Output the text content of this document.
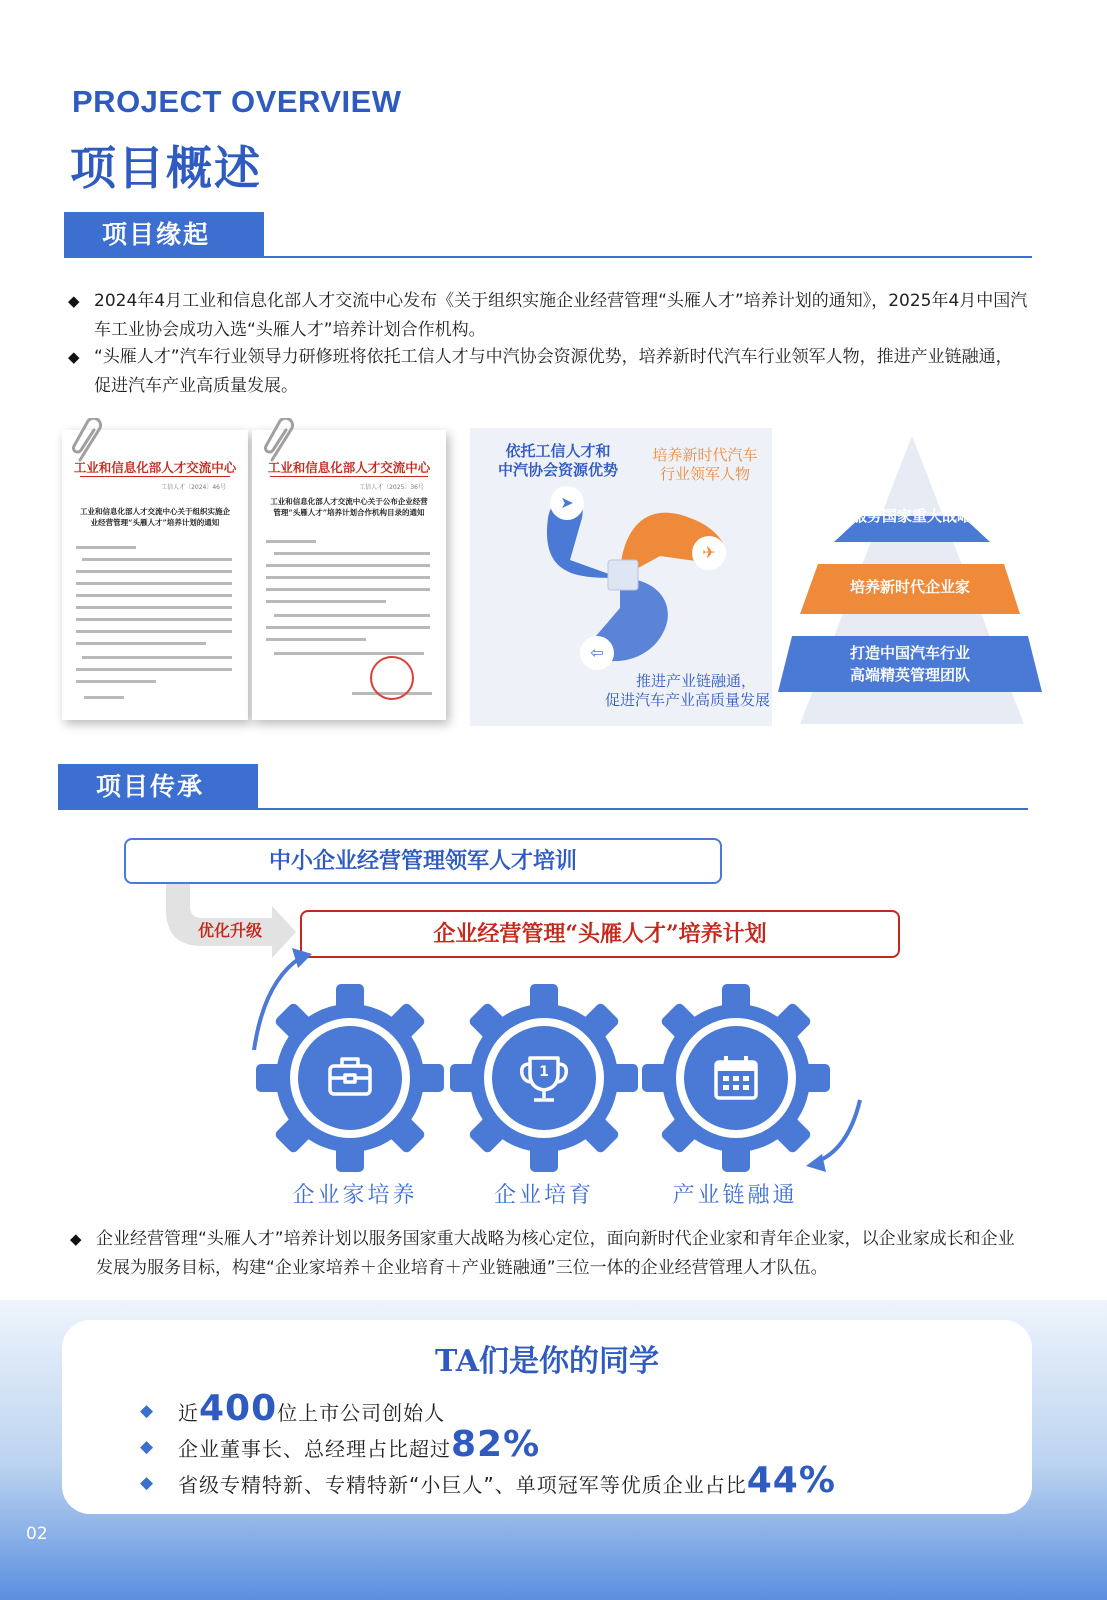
PROJECT OVERVIEW
项目概述
项目缘起
◆ 2024年4月工业和信息化部人才交流中心发布《关于组织实施企业经营管理“头雁人才”培养计划的通知》，2025年4月中国汽车工业协会成功入选“头雁人才”培养计划合作机构。
◆ “头雁人才”汽车行业领导力研修班将依托工信人才与中汽协会资源优势，培养新时代汽车行业领军人物，推进产业链融通，促进汽车产业高质量发展。
工业和信息化部人才交流中心
工信人才〔2024〕46号
工业和信息化部人才交流中心关于组织实施企业经营管理“头雁人才”培养计划的通知
工业和信息化部人才交流中心
工信人才〔2025〕36号
工业和信息化部人才交流中心关于公布企业经营管理“头雁人才”培养计划合作机构目录的通知
➤
✈
⇦
依托工信人才和
中汽协会资源优势
培养新时代汽车
行业领军人物
推进产业链融通，
促进汽车产业高质量发展
服务国家重大战略
培养新时代企业家
打造中国汽车行业
高端精英管理团队
项目传承
中小企业经营管理领军人才培训
优化升级	企业经营管理“头雁人才”培养计划
1
企业家培养	企业培育	产业链融通
◆ 企业经营管理“头雁人才”培养计划以服务国家重大战略为核心定位，面向新时代企业家和青年企业家，以企业家成长和企业发展为服务目标，构建“企业家培养＋企业培育＋产业链融通”三位一体的企业经营管理人才队伍。
TA们是你的同学
◆ 近400位上市公司创始人
◆ 企业董事长、总经理占比超过82%
◆ 省级专精特新、专精特新“小巨人”、单项冠军等优质企业占比44%
02
